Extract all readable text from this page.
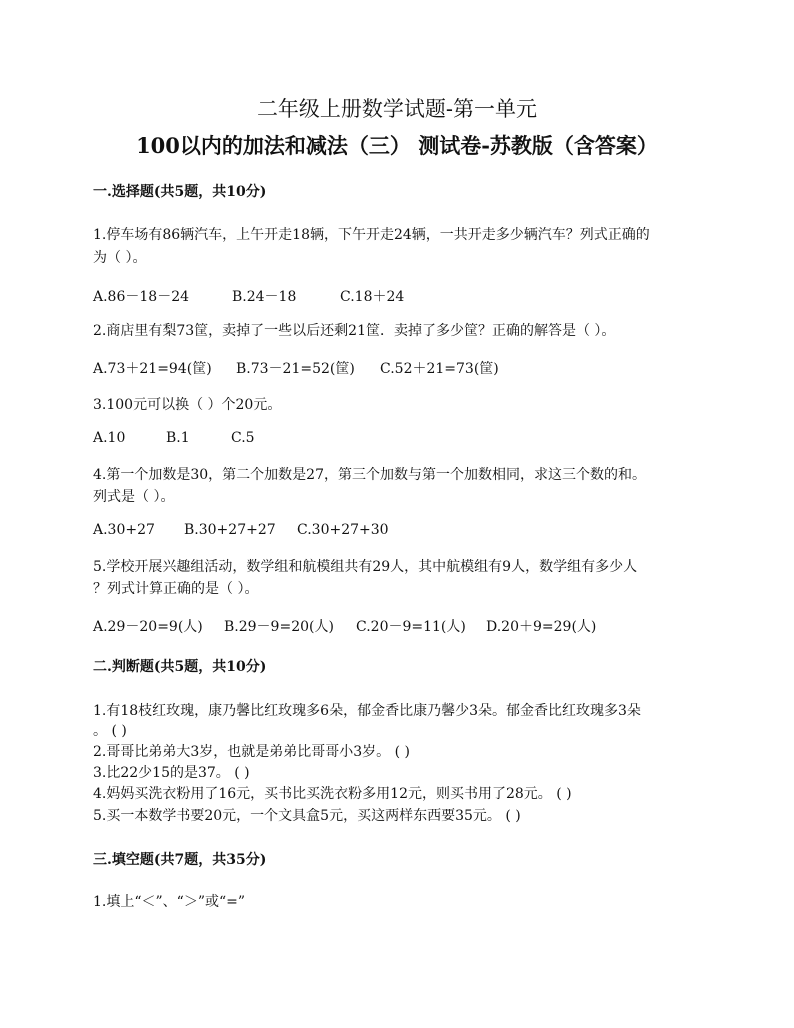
二年级上册数学试题-第一单元
100以内的加法和减法（三） 测试卷-苏教版（含答案）
一.选择题(共5题，共10分)
1.停车场有86辆汽车，上午开走18辆，下午开走24辆，一共开走多少辆汽车？列式正确的
为（ ）。
A.86－18－24	B.24－18	C.18＋24
2.商店里有梨73筐，卖掉了一些以后还剩21筐．卖掉了多少筐？正确的解答是（ ）。
A.73＋21=94(筐) B.73－21=52(筐) C.52＋21=73(筐)
3.100元可以换（ ）个20元。
A.10	B.1	C.5
4.第一个加数是30，第二个加数是27，第三个加数与第一个加数相同，求这三个数的和。
列式是（ ）。
A.30+27 B.30+27+27 C.30+27+30
5.学校开展兴趣组活动，数学组和航模组共有29人，其中航模组有9人，数学组有多少人
？列式计算正确的是（ ）。
A.29－20=9(人) B.29－9=20(人) C.20－9=11(人) D.20＋9=29(人)
二.判断题(共5题，共10分)
1.有18枝红玫瑰，康乃馨比红玫瑰多6朵，郁金香比康乃馨少3朵。郁金香比红玫瑰多3朵
。 ( )
2.哥哥比弟弟大3岁，也就是弟弟比哥哥小3岁。 ( )
3.比22少15的是37。 ( )
4.妈妈买洗衣粉用了16元，买书比买洗衣粉多用12元，则买书用了28元。 ( )
5.买一本数学书要20元，一个文具盒5元，买这两样东西要35元。 ( )
三.填空题(共7题，共35分)
1.填上“＜”、“＞”或“=”
